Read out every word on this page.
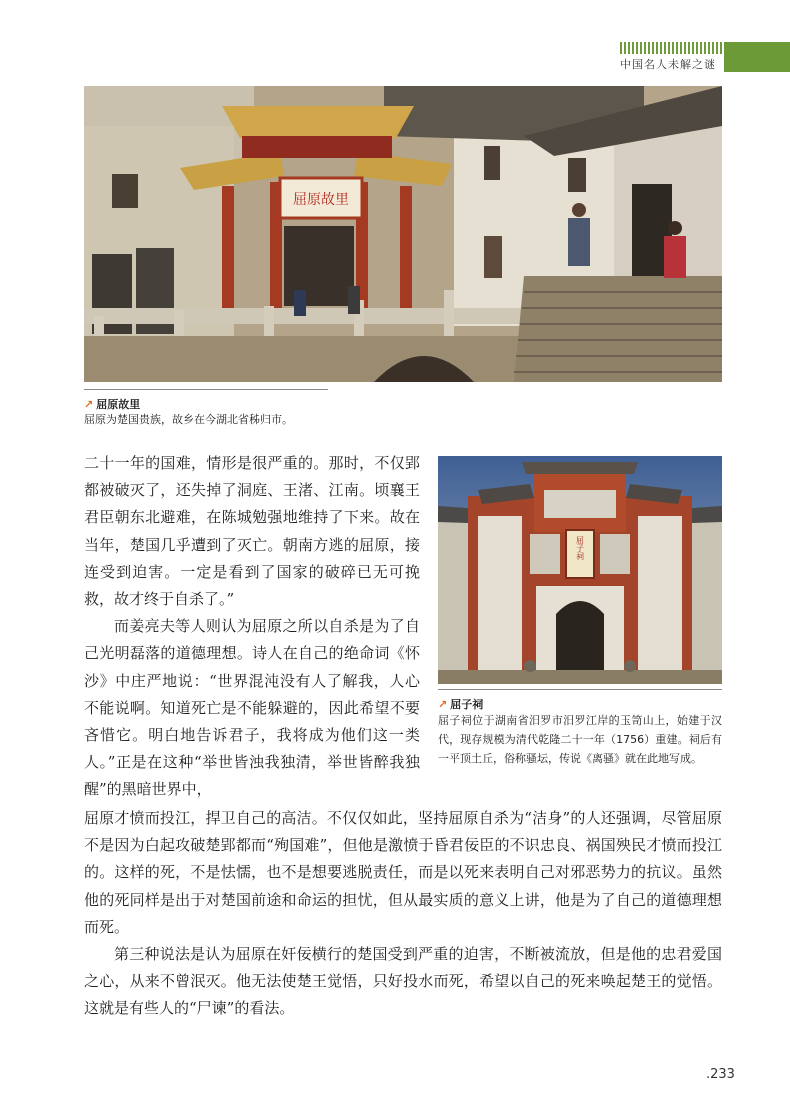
中国名人未解之谜
屈原故里
↗ 屈原故里
屈原为楚国贵族，故乡在今湖北省秭归市。
屈子祠
↗ 屈子祠
屈子祠位于湖南省汨罗市汨罗江岸的玉笥山上，始建于汉代，现存规模为清代乾隆二十一年（1756）重建。祠后有一平顶土丘，俗称骚坛，传说《离骚》就在此地写成。

二十一年的国难，情形是很严重的。那时，不仅郢都被破灭了，还失掉了洞庭、王渚、江南。顷襄王君臣朝东北避难，在陈城勉强地维持了下来。故在当年，楚国几乎遭到了灭亡。朝南方逃的屈原，接连受到迫害。一定是看到了国家的破碎已无可挽救，故才终于自杀了。”

而姜亮夫等人则认为屈原之所以自杀是为了自己光明磊落的道德理想。诗人在自己的绝命词《怀沙》中庄严地说：“世界混沌没有人了解我，人心不能说啊。知道死亡是不能躲避的，因此希望不要吝惜它。明白地告诉君子，我将成为他们这一类人。”正是在这种“举世皆浊我独清，举世皆醉我独醒”的黑暗世界中，

屈原才愤而投江，捍卫自己的高洁。不仅仅如此，坚持屈原自杀为“洁身”的人还强调，尽管屈原不是因为白起攻破楚郢都而“殉国难”，但他是激愤于昏君佞臣的不识忠良、祸国殃民才愤而投江的。这样的死，不是怯懦，也不是想要逃脱责任，而是以死来表明自己对邪恶势力的抗议。虽然他的死同样是出于对楚国前途和命运的担忧，但从最实质的意义上讲，他是为了自己的道德理想而死。

第三种说法是认为屈原在奸佞横行的楚国受到严重的迫害，不断被流放，但是他的忠君爱国之心，从来不曾泯灭。他无法使楚王觉悟，只好投水而死，希望以自己的死来唤起楚王的觉悟。这就是有些人的“尸谏”的看法。

.233
